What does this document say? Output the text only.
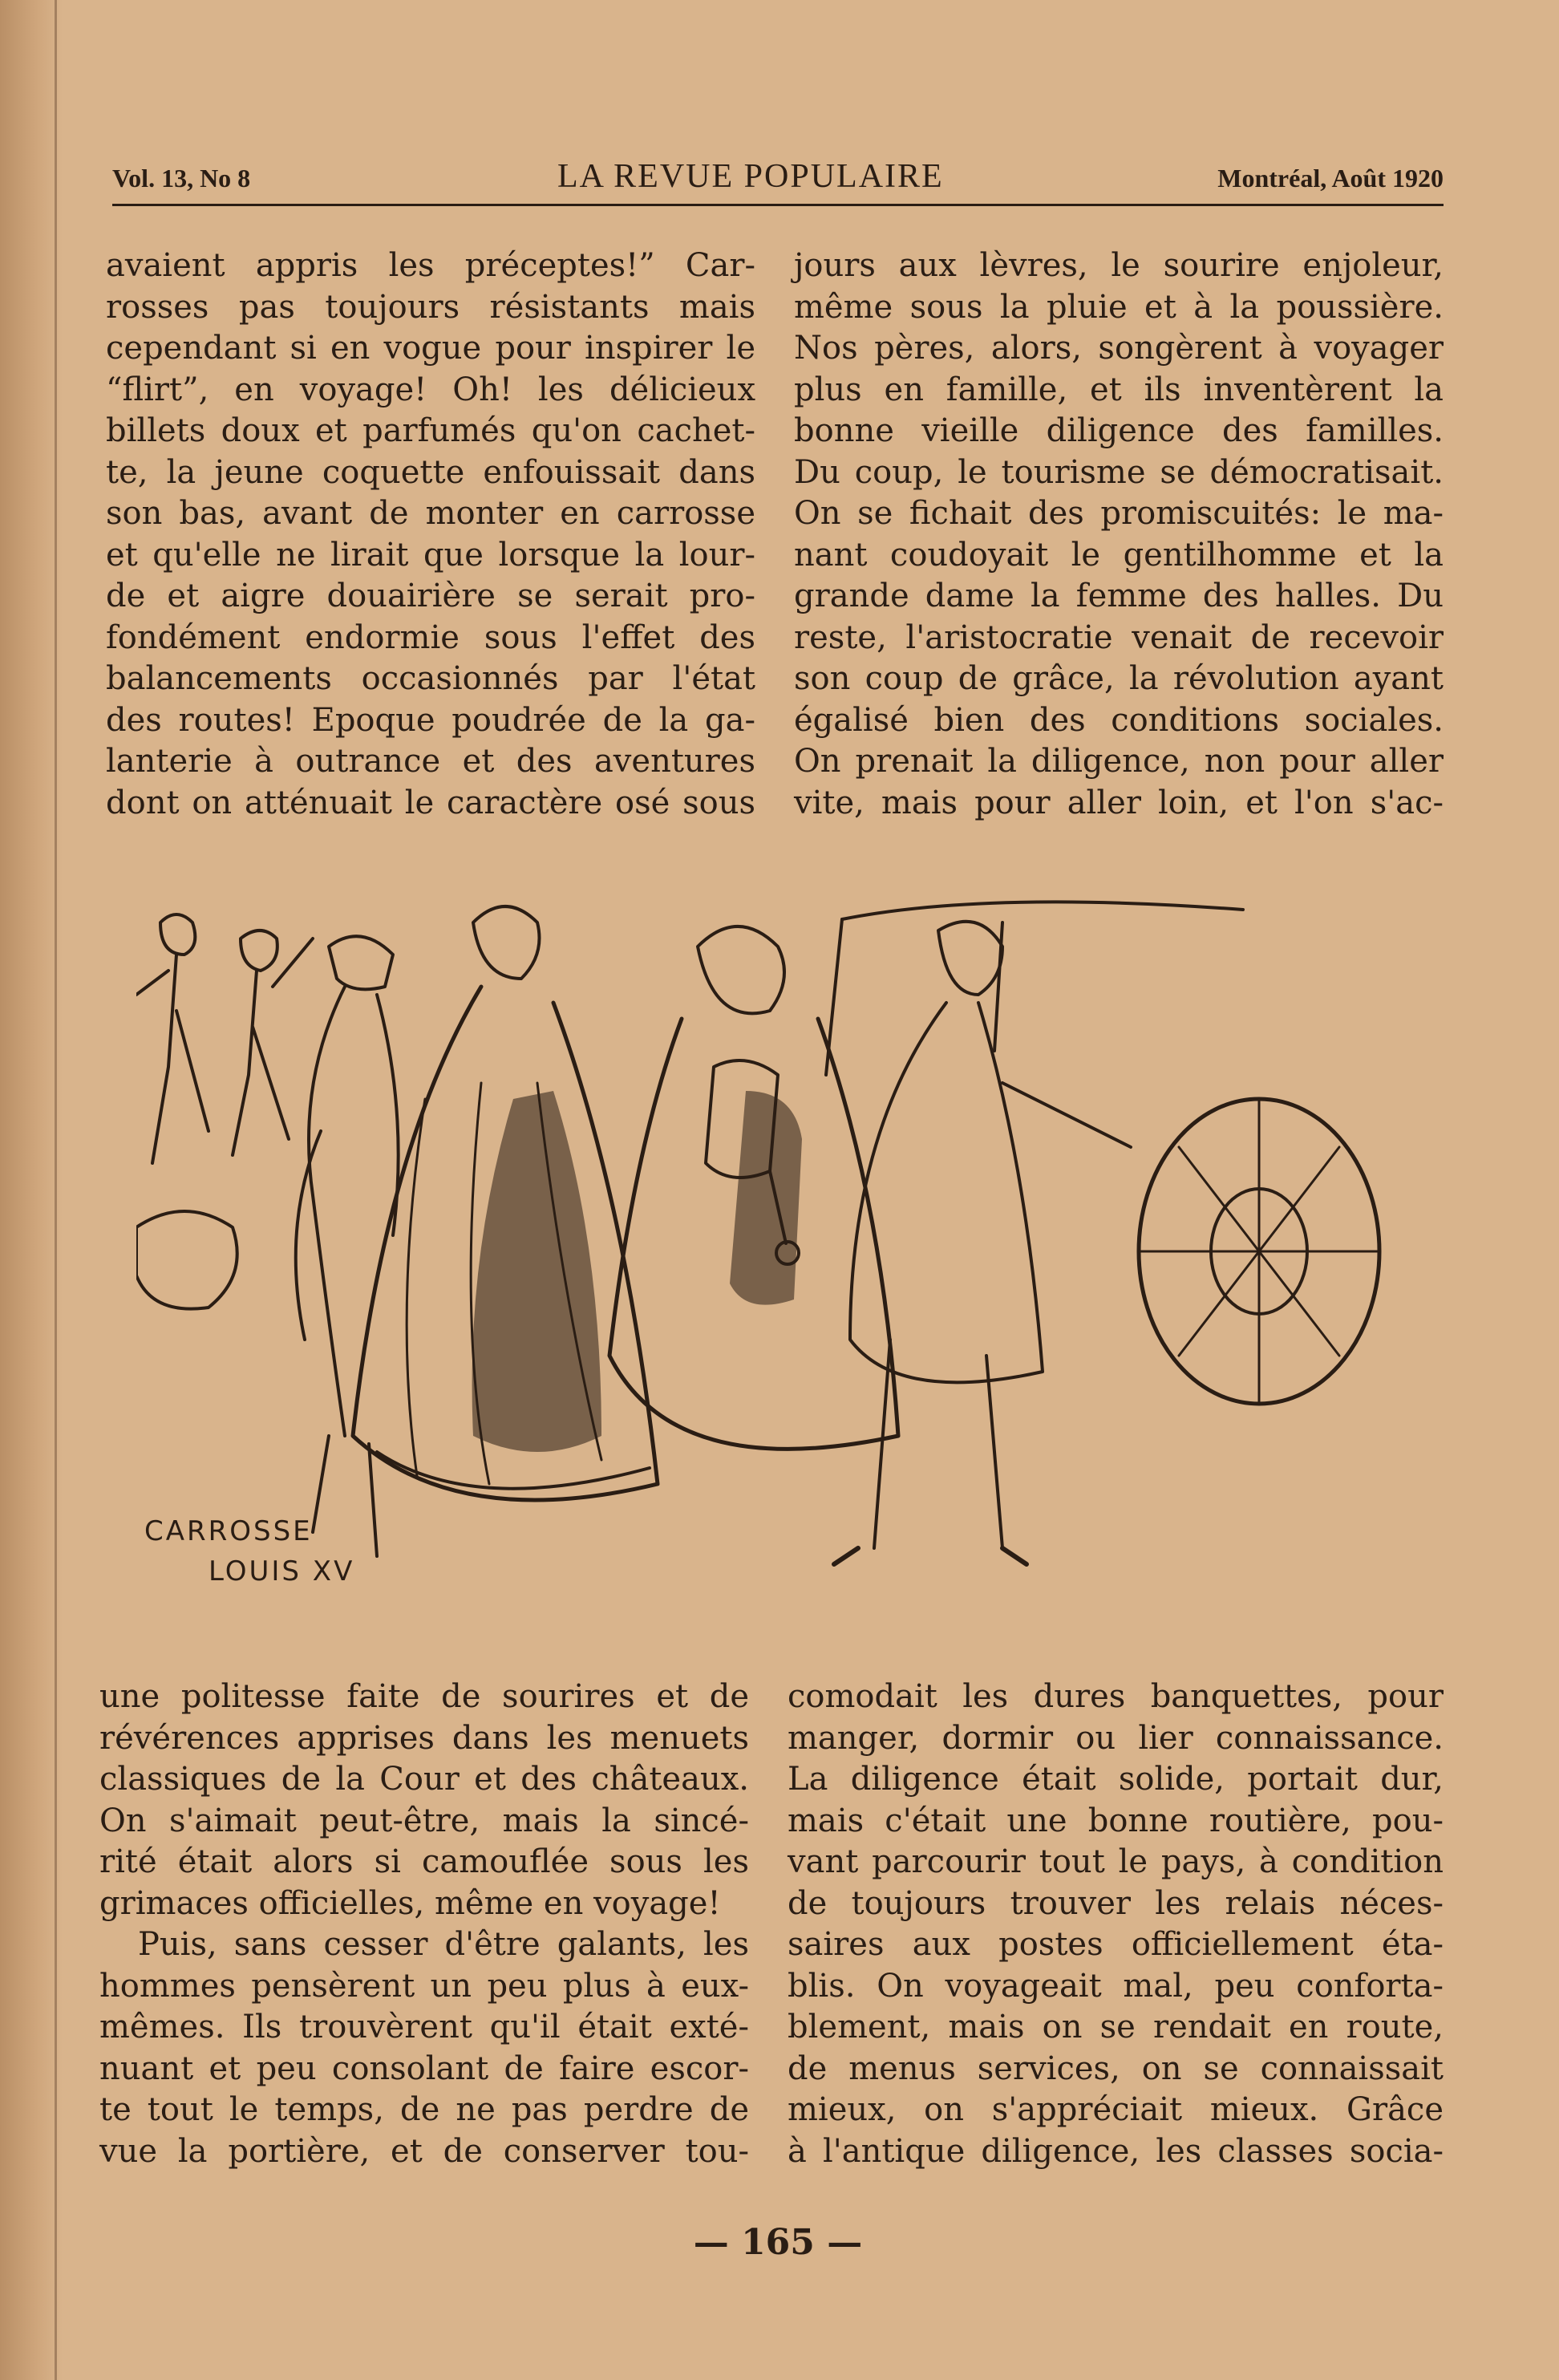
Vol. 13, No 8	LA REVUE POPULAIRE	Montréal, Août 1920
avaient appris les préceptes!” Car-
rosses pas toujours résistants mais
cependant si en vogue pour inspirer le
“flirt”, en voyage! Oh! les délicieux
billets doux et parfumés qu'on cachet-
te, la jeune coquette enfouissait dans
son bas, avant de monter en carrosse
et qu'elle ne lirait que lorsque la lour-
de et aigre douairière se serait pro-
fondément endormie sous l'effet des
balancements occasionnés par l'état
des routes! Epoque poudrée de la ga-
lanterie à outrance et des aventures
dont on atténuait le caractère osé sous
jours aux lèvres, le sourire enjoleur,
même sous la pluie et à la poussière.
Nos pères, alors, songèrent à voyager
plus en famille, et ils inventèrent la
bonne vieille diligence des familles.
Du coup, le tourisme se démocratisait.
On se fichait des promiscuités: le ma-
nant coudoyait le gentilhomme et la
grande dame la femme des halles. Du
reste, l'aristocratie venait de recevoir
son coup de grâce, la révolution ayant
égalisé bien des conditions sociales.
On prenait la diligence, non pour aller
vite, mais pour aller loin, et l'on s'ac-
CARROSSE
LOUIS XV
une politesse faite de sourires et de
révérences apprises dans les menuets
classiques de la Cour et des châteaux.
On s'aimait peut-être, mais la sincé-
rité était alors si camouflée sous les
grimaces officielles, même en voyage!
Puis, sans cesser d'être galants, les
hommes pensèrent un peu plus à eux-
mêmes. Ils trouvèrent qu'il était exté-
nuant et peu consolant de faire escor-
te tout le temps, de ne pas perdre de
vue la portière, et de conserver tou-
comodait les dures banquettes, pour
manger, dormir ou lier connaissance.
La diligence était solide, portait dur,
mais c'était une bonne routière, pou-
vant parcourir tout le pays, à condition
de toujours trouver les relais néces-
saires aux postes officiellement éta-
blis. On voyageait mal, peu conforta-
blement, mais on se rendait en route,
de menus services, on se connaissait
mieux, on s'appréciait mieux. Grâce
à l'antique diligence, les classes socia-
— 165 —
